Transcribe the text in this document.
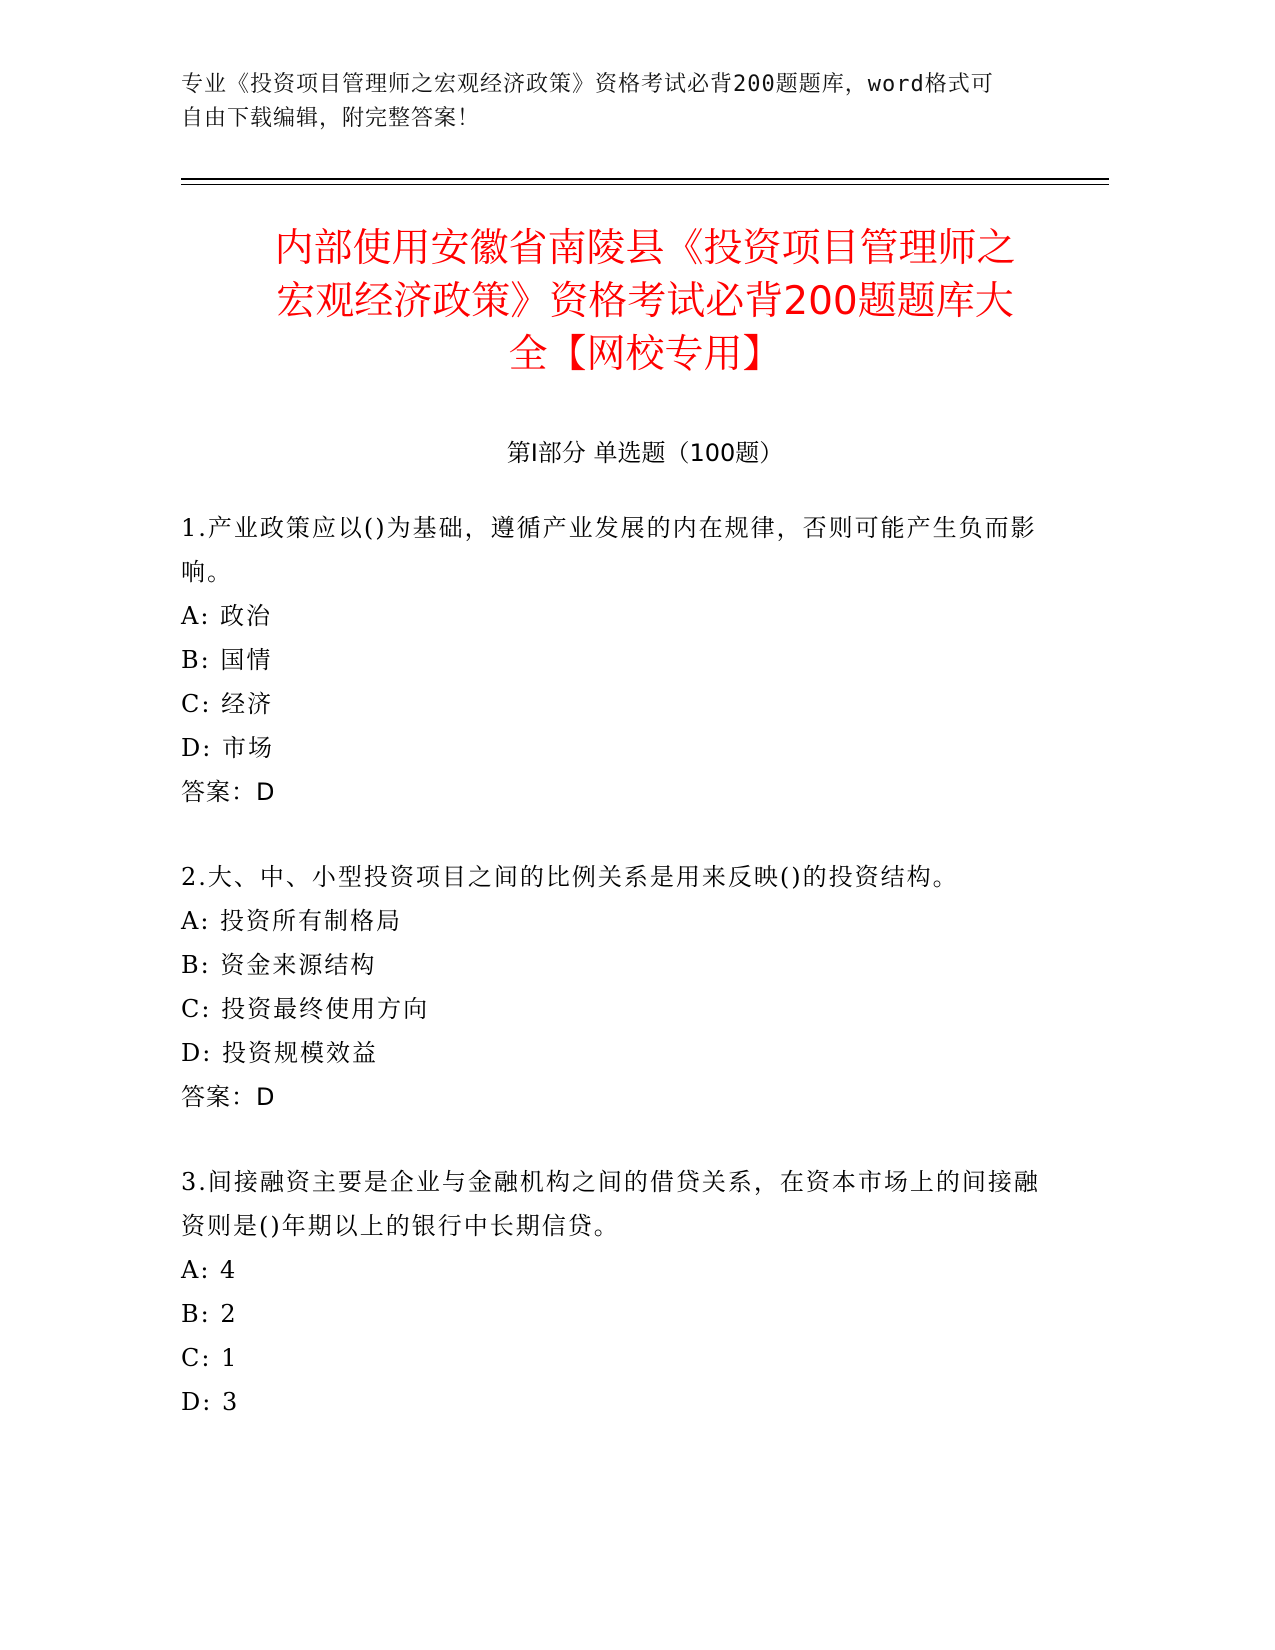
专业《投资项目管理师之宏观经济政策》资格考试必背200题题库，word格式可
自由下载编辑，附完整答案！
内部使用安徽省南陵县《投资项目管理师之
宏观经济政策》资格考试必背200题题库大
全【网校专用】
第Ⅰ部分 单选题（100题）
1.产业政策应以()为基础，遵循产业发展的内在规律，否则可能产生负而影响。
A: 政治
B: 国情
C: 经济
D: 市场
答案：D
2.大、中、小型投资项目之间的比例关系是用来反映()的投资结构。
A: 投资所有制格局
B: 资金来源结构
C: 投资最终使用方向
D: 投资规模效益
答案：D
3.间接融资主要是企业与金融机构之间的借贷关系，在资本市场上的间接融资则是()年期以上的银行中长期信贷。
A: 4
B: 2
C: 1
D: 3
